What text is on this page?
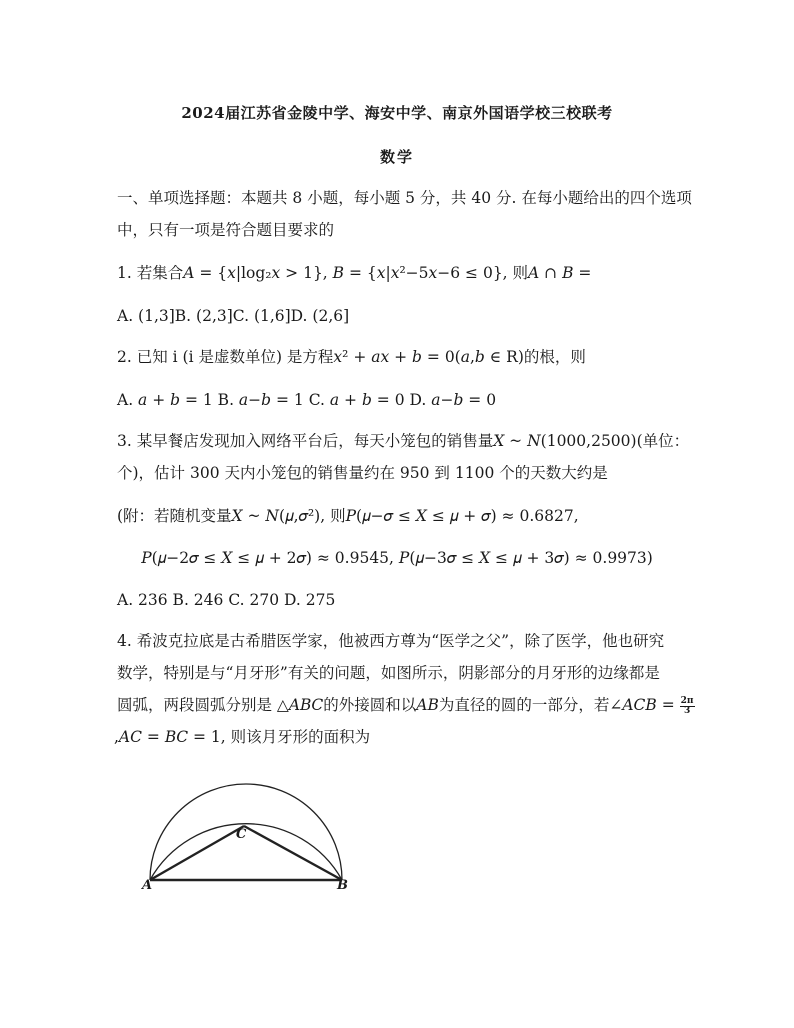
2024届江苏省金陵中学、海安中学、南京外国语学校三校联考
数学
一、单项选择题：本题共 8 小题，每小题 5 分，共 40 分. 在每小题给出的四个选项
中，只有一项是符合题目要求的
1. 若集合𝐴 = {𝑥|log₂𝑥 > 1}, 𝐵 = {𝑥|𝑥²−5𝑥−6 ≤ 0}, 则𝐴 ∩ 𝐵 =
A. (1,3]B. (2,3]C. (1,6]D. (2,6]
2. 已知 i (i 是虚数单位) 是方程𝑥² + 𝑎𝑥 + 𝑏 = 0(𝑎,𝑏 ∈ R)的根，则
A. 𝑎 + 𝑏 = 1 B. 𝑎−𝑏 = 1 C. 𝑎 + 𝑏 = 0 D. 𝑎−𝑏 = 0
3. 某早餐店发现加入网络平台后，每天小笼包的销售量𝑋 ~ 𝑁(1000,2500)(单位：
个)，估计 300 天内小笼包的销售量约在 950 到 1100 个的天数大约是
(附：若随机变量𝑋 ~ 𝑁(𝜇,𝜎²), 则𝑃(𝜇−𝜎 ≤ 𝑋 ≤ 𝜇 + 𝜎) ≈ 0.6827,
𝑃(𝜇−2𝜎 ≤ 𝑋 ≤ 𝜇 + 2𝜎) ≈ 0.9545, 𝑃(𝜇−3𝜎 ≤ 𝑋 ≤ 𝜇 + 3𝜎) ≈ 0.9973)
A. 236 B. 246 C. 270 D. 275
4. 希波克拉底是古希腊医学家，他被西方尊为“医学之父”，除了医学，他也研究
数学，特别是与“月牙形”有关的问题，如图所示，阴影部分的月牙形的边缘都是
圆弧，两段圆弧分别是 △𝐴𝐵𝐶的外接圆和以𝐴𝐵为直径的圆的一部分，若∠𝐴𝐶𝐵 = $\frac{2\pi}{3}$
,𝐴𝐶 = 𝐵𝐶 = 1, 则该月牙形的面积为
A	B
C
